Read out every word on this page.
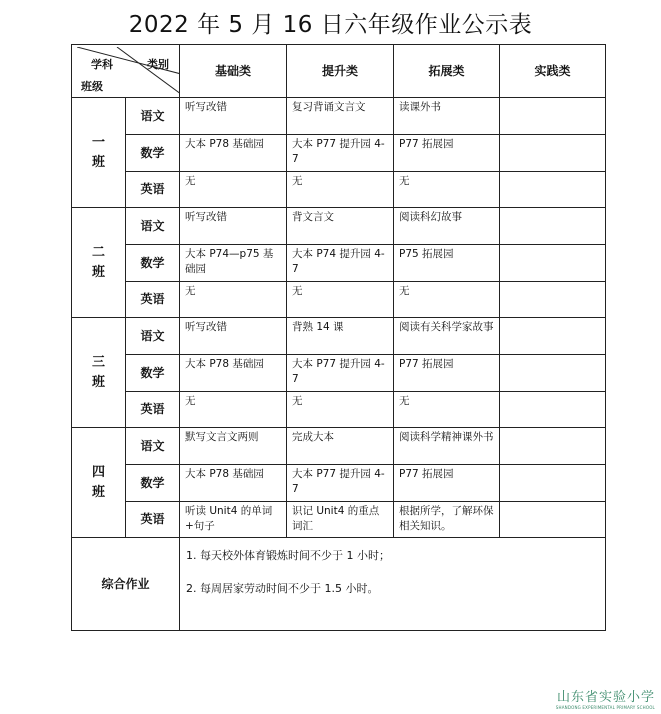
2022 年 5 月 16 日六年级作业公示表
学科 类别
班级		基础类	提升类	拓展类	实践类
一班	语文	听写改错	复习背诵文言文	读课外书	
	数学	大本 P78 基础园	大本 P77 提升园 4-7	P77 拓展园	
	英语	无	无	无	
二班	语文	听写改错	背文言文	阅读科幻故事	
	数学	大本 P74—p75 基础园	大本 P74 提升园 4-7	P75 拓展园	
	英语	无	无	无	
三班	语文	听写改错	背熟 14 课	阅读有关科学家故事	
	数学	大本 P78 基础园	大本 P77 提升园 4-7	P77 拓展园	
	英语	无	无	无	
四班	语文	默写文言文两则	完成大本	阅读科学精神课外书	
	数学	大本 P78 基础园	大本 P77 提升园 4-7	P77 拓展园	
	英语	听读 Unit4 的单词+句子	识记 Unit4 的重点词汇	根据所学，了解环保相关知识。	
综合作业		1. 每天校外体育锻炼时间不少于 1 小时；
2. 每周居家劳动时间不少于 1.5 小时。			
山东省实验小学
SHANDONG EXPERIMENTAL PRIMARY SCHOOL
